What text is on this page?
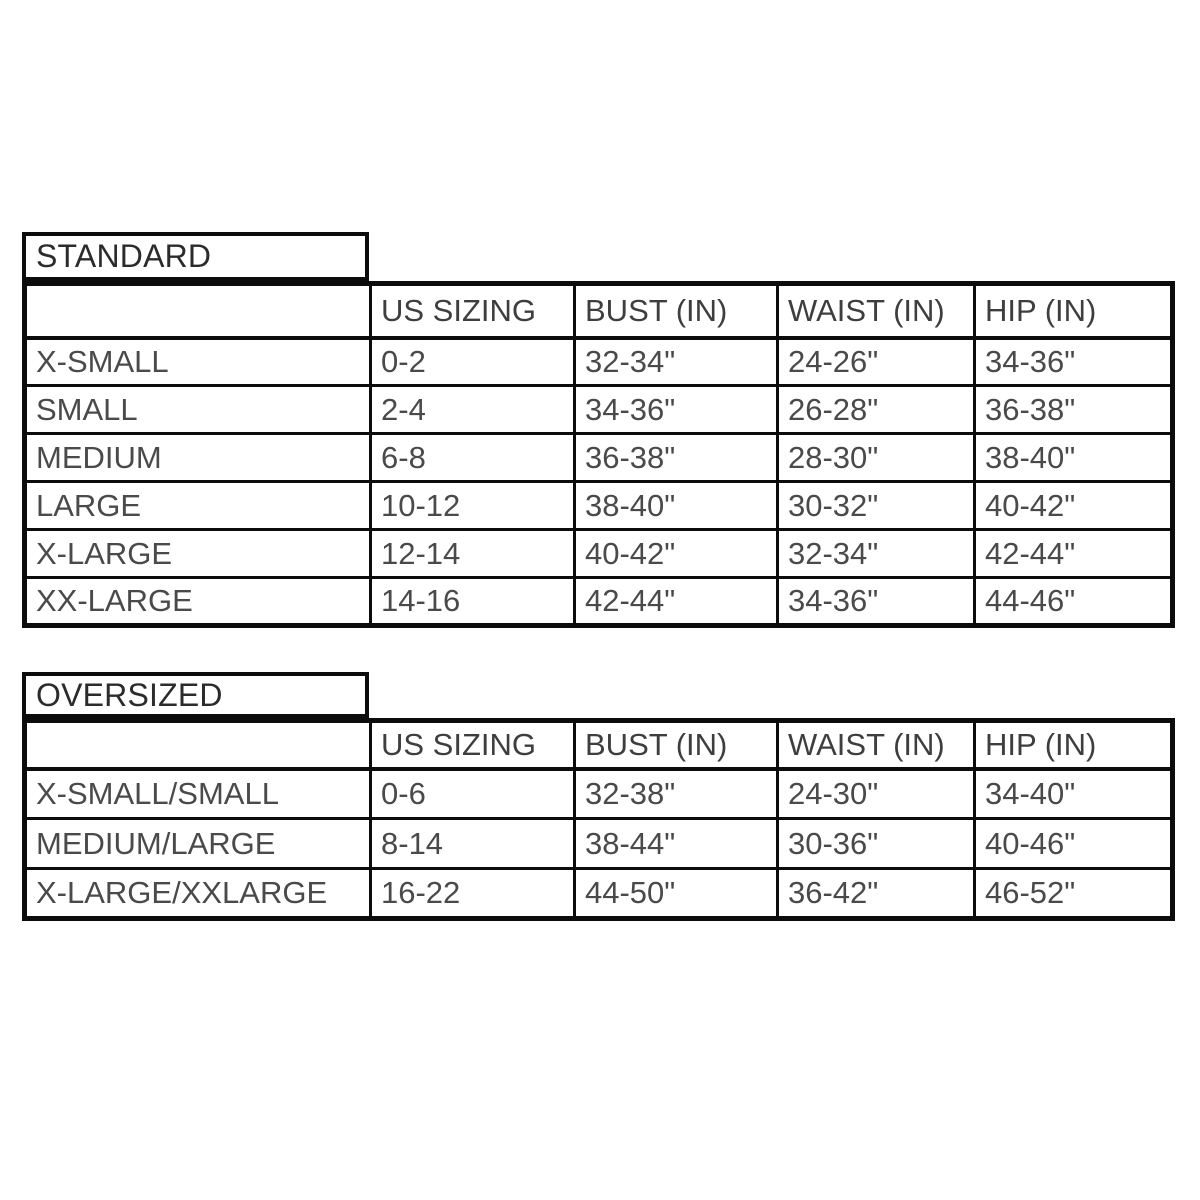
STANDARD
	US SIZING	BUST (IN)	WAIST (IN)	HIP (IN)
X-SMALL	0-2	32-34"	24-26"	34-36"
SMALL	2-4	34-36"	26-28"	36-38"
MEDIUM	6-8	36-38"	28-30"	38-40"
LARGE	10-12	38-40"	30-32"	40-42"
X-LARGE	12-14	40-42"	32-34"	42-44"
XX-LARGE	14-16	42-44"	34-36"	44-46"
OVERSIZED
	US SIZING	BUST (IN)	WAIST (IN)	HIP (IN)
X-SMALL/SMALL	0-6	32-38"	24-30"	34-40"
MEDIUM/LARGE	8-14	38-44"	30-36"	40-46"
X-LARGE/XXLARGE	16-22	44-50"	36-42"	46-52"
